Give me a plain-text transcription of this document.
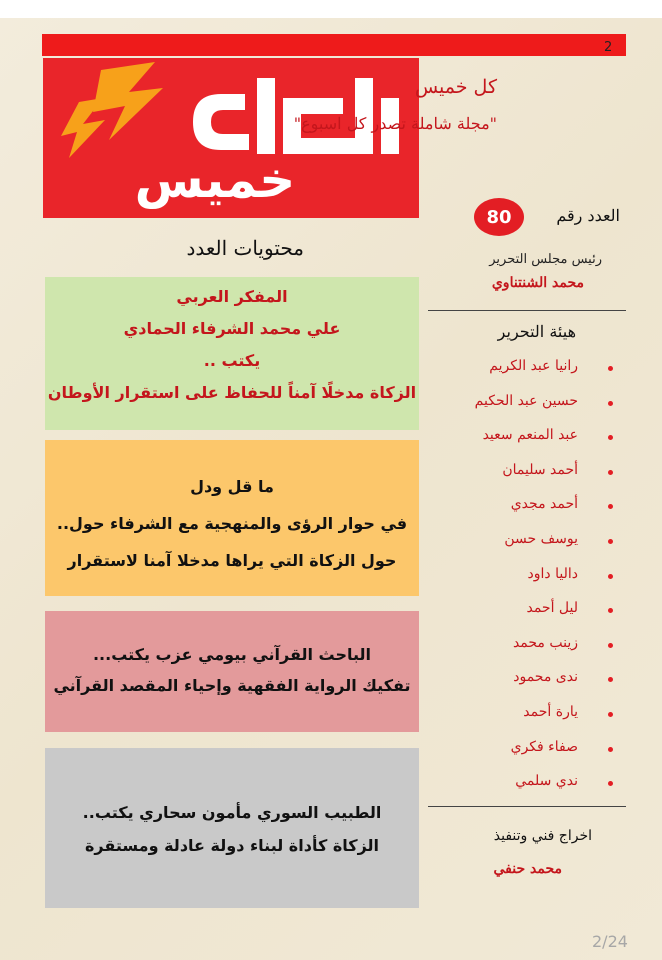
2
خميس
كل خميس
"مجلة شاملة تصدر كل اسبوع"
العدد رقم
80
رئيس مجلس التحرير
محمد الشنتناوي
هيئة التحرير
رانيا عبد الكريم
حسين عبد الحكيم
عبد المنعم سعيد
أحمد سليمان
أحمد مجدي
يوسف حسن
داليا داود
ليل أحمد
زينب محمد
ندى محمود
يارة أحمد
صفاء فكري
ندي سلمي
اخراج فني وتنفيذ
محمد حنفي
محتويات العدد

المفكر العربي

علي محمد الشرفاء الحمادي

يكتب ..

الزكاة مدخلًا آمناً للحفاظ على استقرار الأوطان

ما قل ودل

في حوار الرؤى والمنهجية مع الشرفاء حول..

حول الزكاة التي يراها مدخلا آمنا لاستقرار

الباحث القرآني بيومي عزب يكتب...

تفكيك الرواية الفقهية وإحياء المقصد القرآني

الطبيب السوري مأمون سحاري يكتب..

الزكاة كأداة لبناء دولة عادلة ومستقرة

2/24
